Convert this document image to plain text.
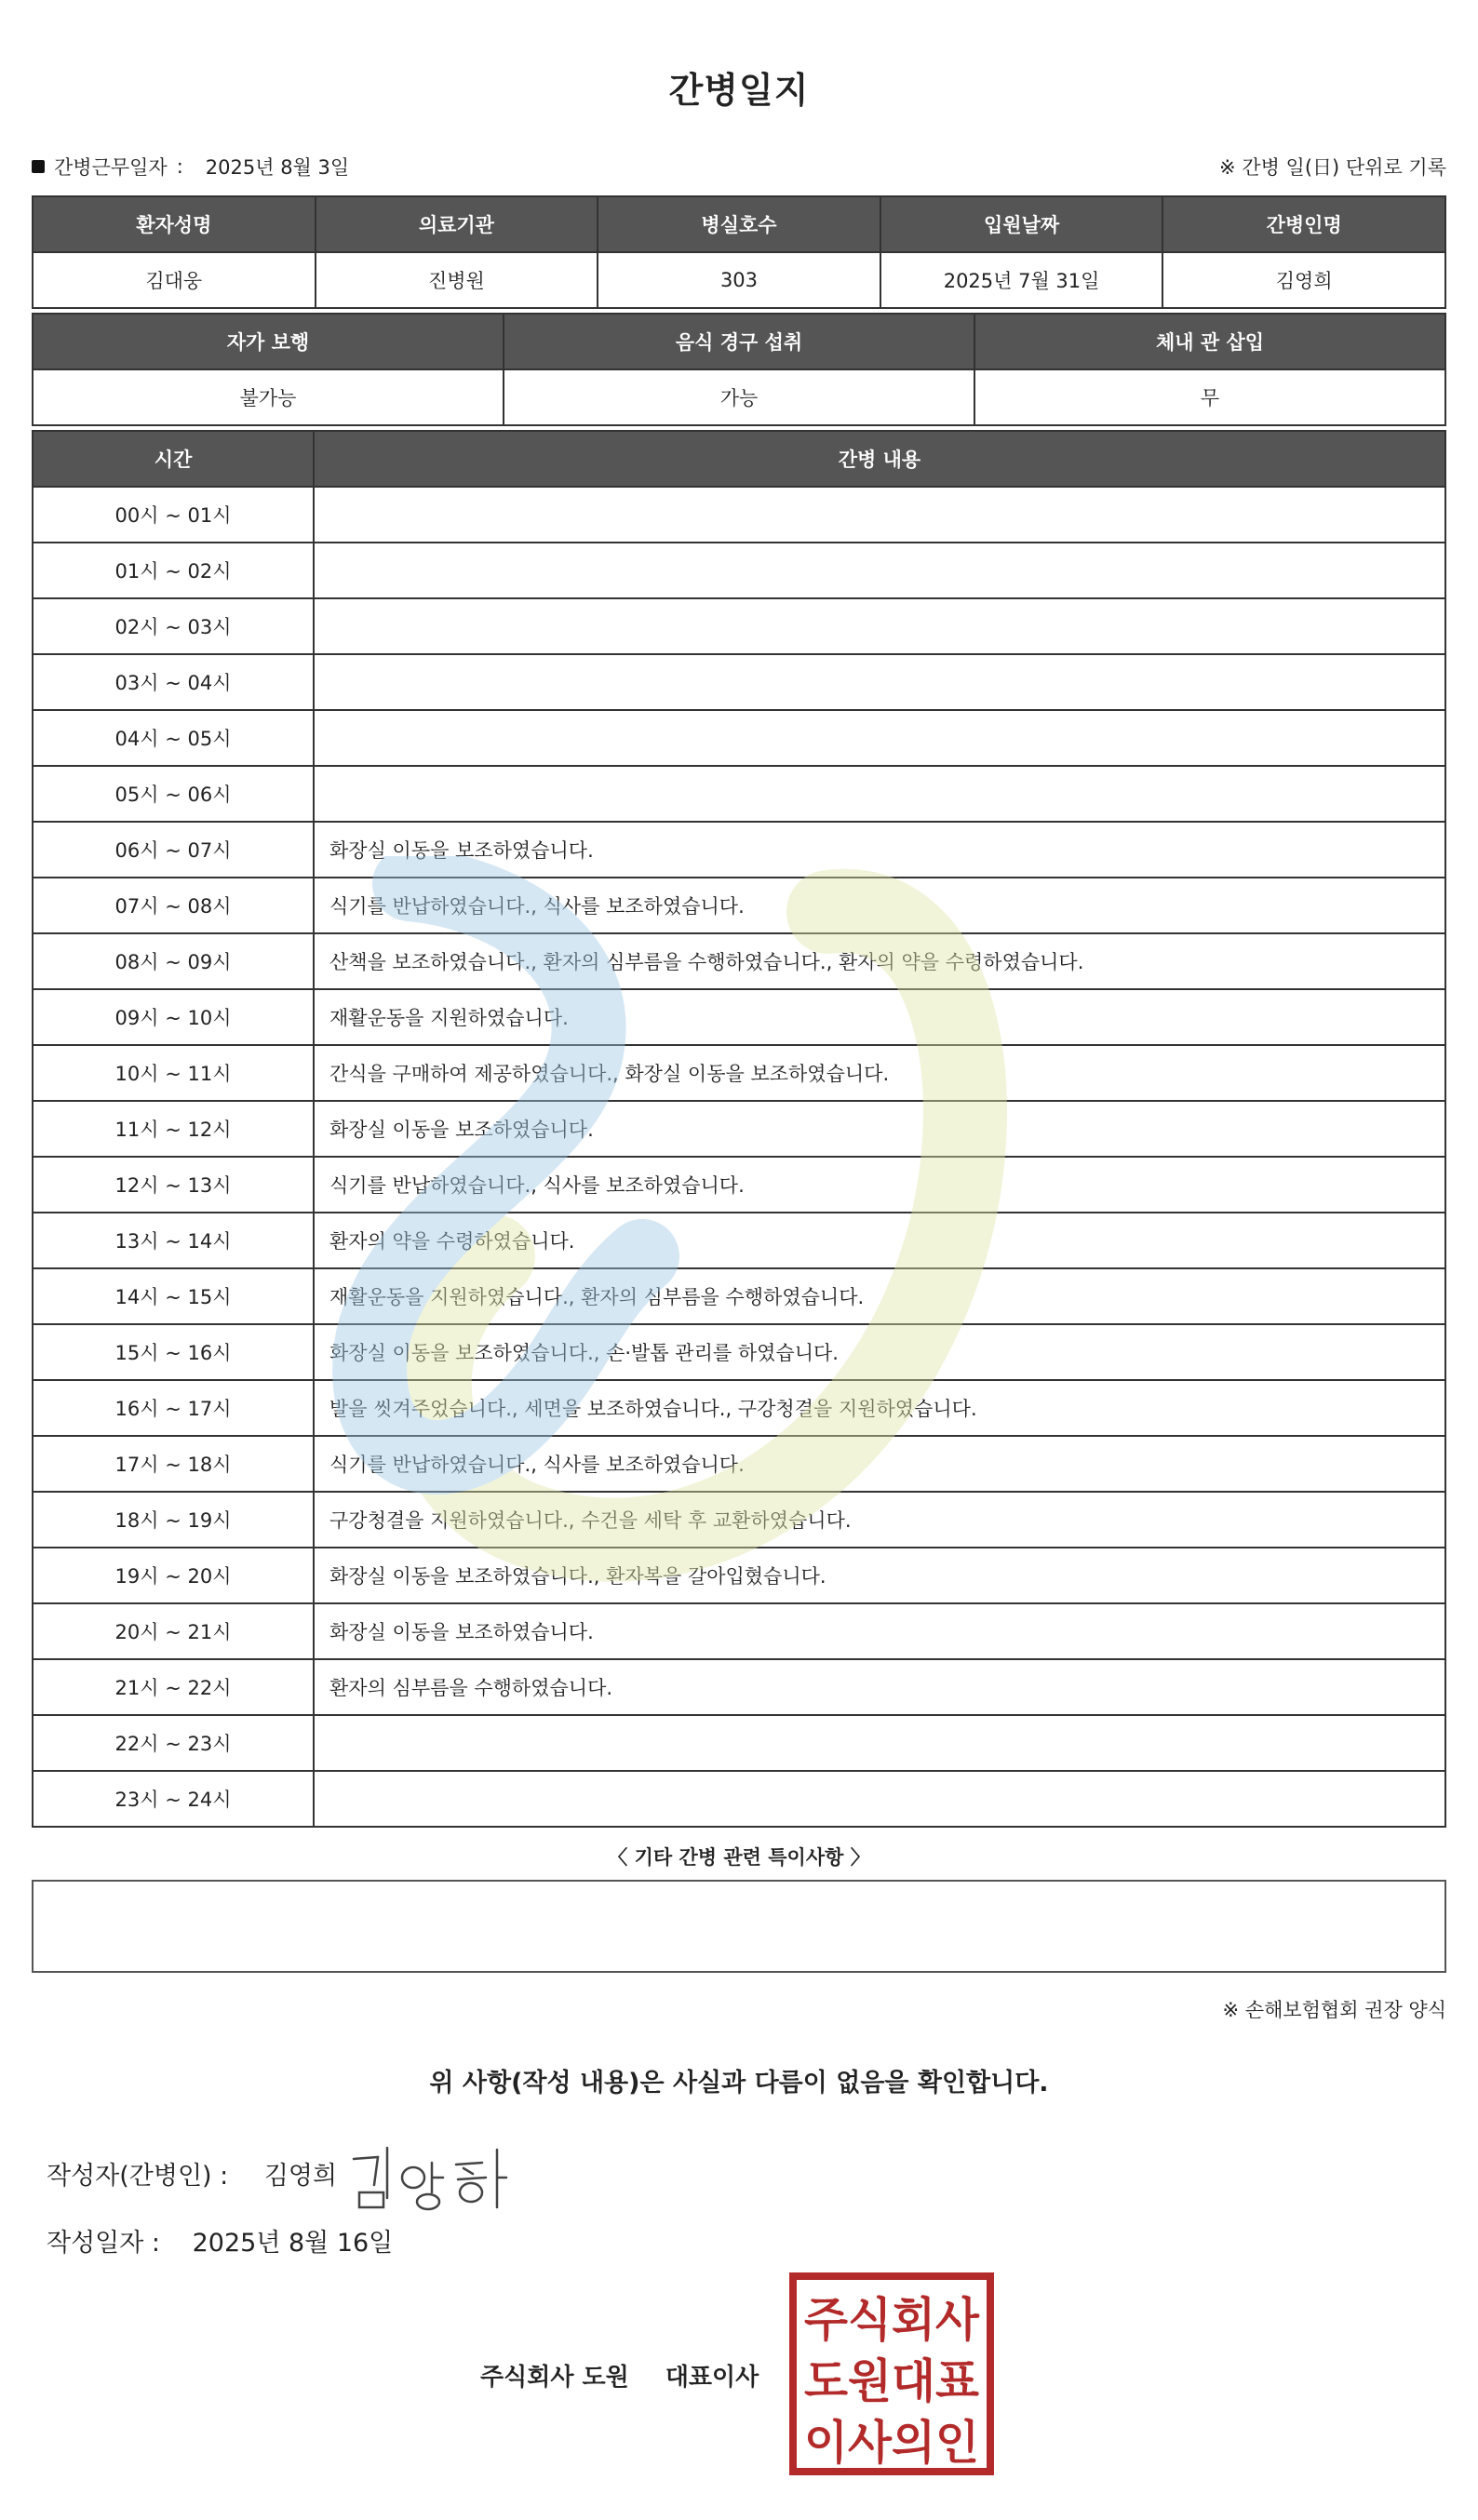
간병일지
간병근무일자 : 2025년 8월 3일	※ 간병 일(日) 단위로 기록
환자성명	의료기관	병실호수	입원날짜	간병인명
김대웅	진병원	303	2025년 7월 31일	김영희
자가 보행	음식 경구 섭취	체내 관 삽입
불가능	가능	무
시간	간병 내용
00시 ~ 01시	
01시 ~ 02시	
02시 ~ 03시	
03시 ~ 04시	
04시 ~ 05시	
05시 ~ 06시	
06시 ~ 07시	화장실 이동을 보조하였습니다.
07시 ~ 08시	식기를 반납하였습니다., 식사를 보조하였습니다.
08시 ~ 09시	산책을 보조하였습니다., 환자의 심부름을 수행하였습니다., 환자의 약을 수령하였습니다.
09시 ~ 10시	재활운동을 지원하였습니다.
10시 ~ 11시	간식을 구매하여 제공하였습니다., 화장실 이동을 보조하였습니다.
11시 ~ 12시	화장실 이동을 보조하였습니다.
12시 ~ 13시	식기를 반납하였습니다., 식사를 보조하였습니다.
13시 ~ 14시	환자의 약을 수령하였습니다.
14시 ~ 15시	재활운동을 지원하였습니다., 환자의 심부름을 수행하였습니다.
15시 ~ 16시	화장실 이동을 보조하였습니다., 손·발톱 관리를 하였습니다.
16시 ~ 17시	발을 씻겨주었습니다., 세면을 보조하였습니다., 구강청결을 지원하였습니다.
17시 ~ 18시	식기를 반납하였습니다., 식사를 보조하였습니다.
18시 ~ 19시	구강청결을 지원하였습니다., 수건을 세탁 후 교환하였습니다.
19시 ~ 20시	화장실 이동을 보조하였습니다., 환자복을 갈아입혔습니다.
20시 ~ 21시	화장실 이동을 보조하였습니다.
21시 ~ 22시	환자의 심부름을 수행하였습니다.
22시 ~ 23시	
23시 ~ 24시	
〈 기타 간병 관련 특이사항 〉
※ 손해보험협회 권장 양식
위 사항(작성 내용)은 사실과 다름이 없음을 확인합니다.
작성자(간병인) : 김영희
작성일자 : 2025년 8월 16일
주식회사 도원 대표이사
주식회사
도원대표
이사의인
